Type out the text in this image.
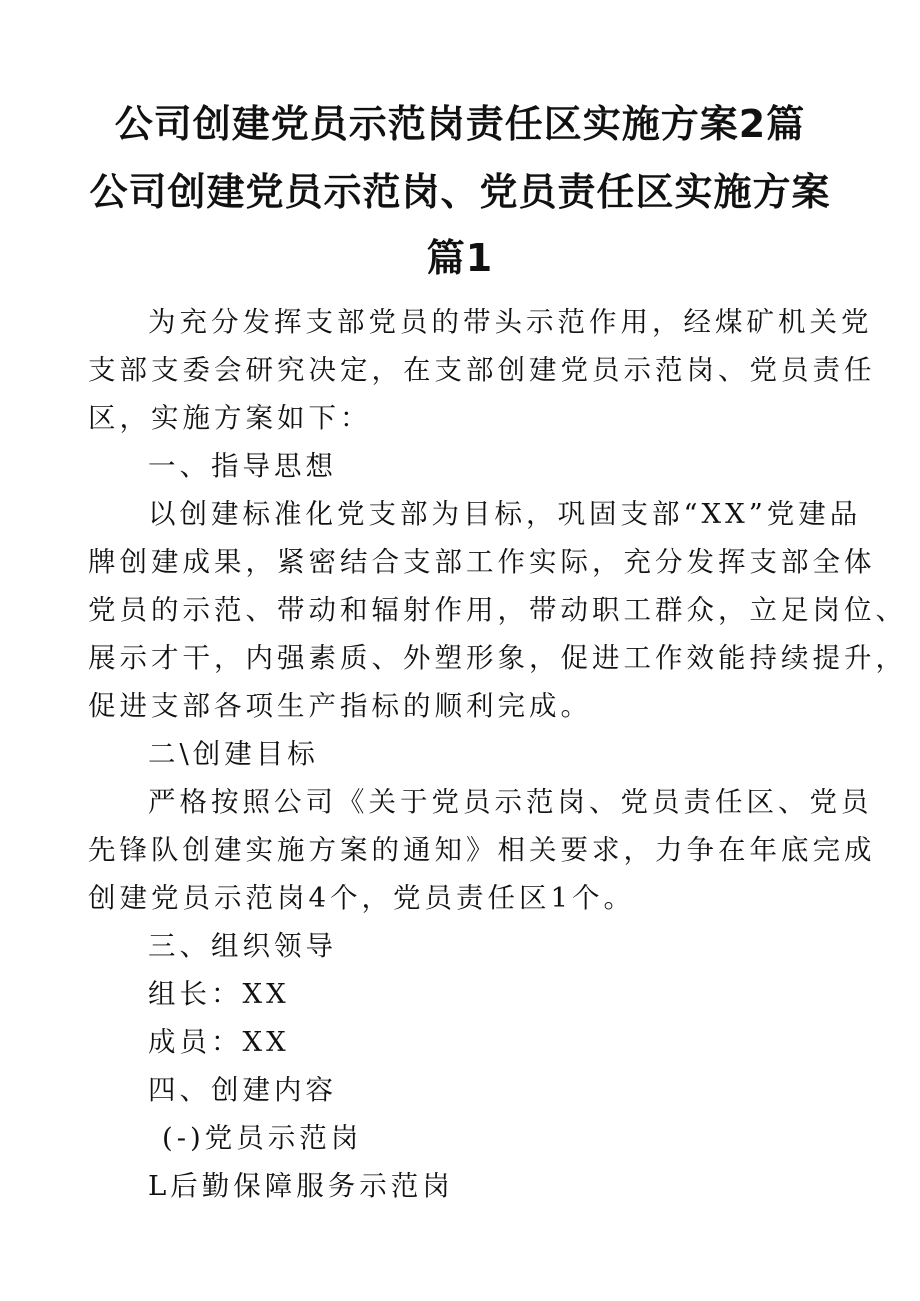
公司创建党员示范岗责任区实施方案2篇
公司创建党员示范岗、党员责任区实施方案
篇1
为充分发挥支部党员的带头示范作用，经煤矿机关党
支部支委会研究决定，在支部创建党员示范岗、党员责任
区，实施方案如下：
一、指导思想
以创建标准化党支部为目标，巩固支部“XX”党建品
牌创建成果，紧密结合支部工作实际，充分发挥支部全体
党员的示范、带动和辐射作用，带动职工群众，立足岗位、
展示才干，内强素质、外塑形象，促进工作效能持续提升，
促进支部各项生产指标的顺利完成。
二\创建目标
严格按照公司《关于党员示范岗、党员责任区、党员
先锋队创建实施方案的通知》相关要求，力争在年底完成
创建党员示范岗4个，党员责任区1个。
三、组织领导
组长：XX
成员：XX
四、创建内容
(-)党员示范岗
L后勤保障服务示范岗
